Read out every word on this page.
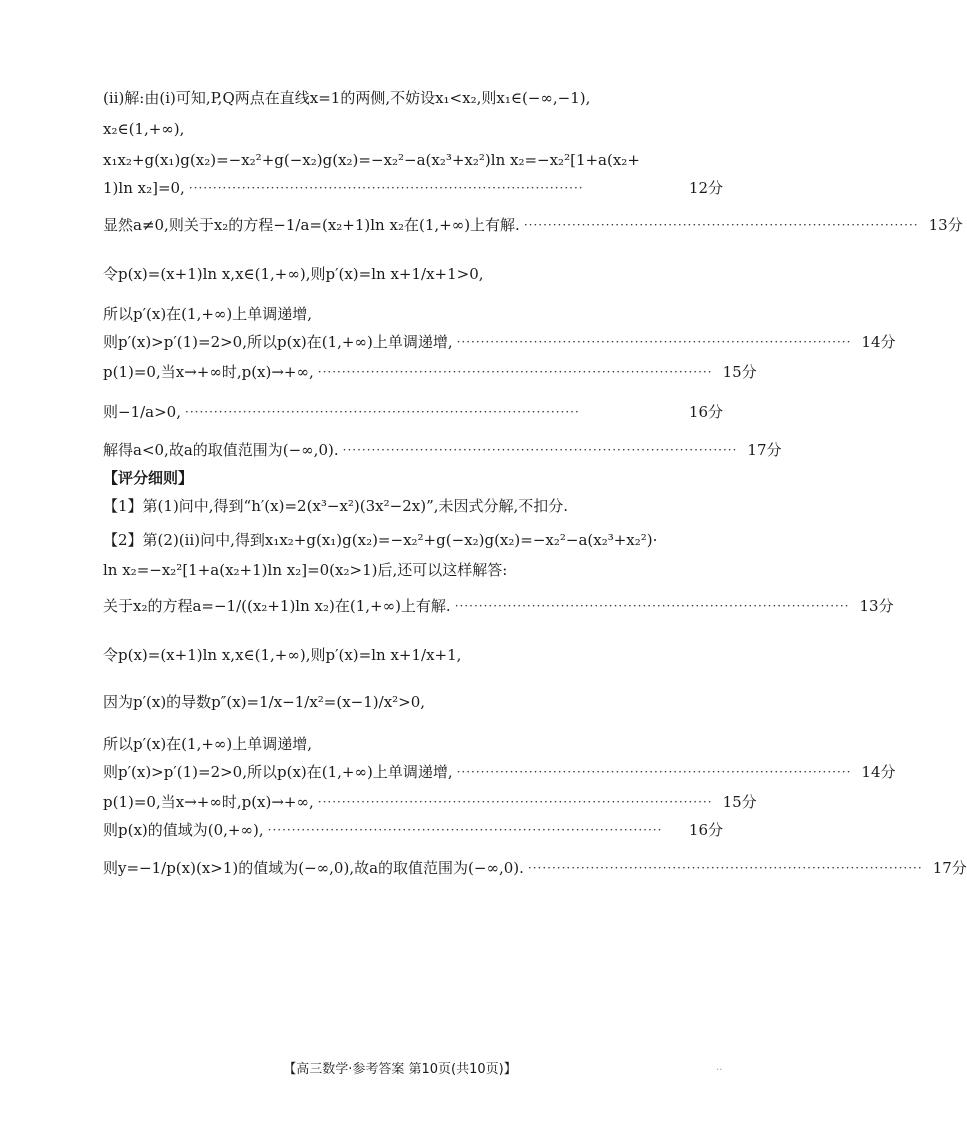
(ⅱ)解:由(ⅰ)可知,P,Q两点在直线x=1的两侧,不妨设x₁<x₂,则x₁∈(−∞,−1),
x₂∈(1,+∞),
x₁x₂+g(x₁)g(x₂)=−x₂²+g(−x₂)g(x₂)=−x₂²−a(x₂³+x₂²)ln x₂=−x₂²[1+a(x₂+
1)ln x₂]=0, ··················································································	12分
显然a≠0,则关于x₂的方程−1/a=(x₂+1)ln x₂在(1,+∞)上有解. ·················································································· 13分
令p(x)=(x+1)ln x,x∈(1,+∞),则p′(x)=ln x+1/x+1>0,
所以p′(x)在(1,+∞)上单调递增,
则p′(x)>p′(1)=2>0,所以p(x)在(1,+∞)上单调递增, ·················································································· 14分
p(1)=0,当x→+∞时,p(x)→+∞, ·················································································· 15分
则−1/a>0, ··················································································	16分
解得a<0,故a的取值范围为(−∞,0). ·················································································· 17分
【评分细则】
【1】第(1)问中,得到“h′(x)=2(x³−x²)(3x²−2x)”,未因式分解,不扣分.
【2】第(2)(ⅱ)问中,得到x₁x₂+g(x₁)g(x₂)=−x₂²+g(−x₂)g(x₂)=−x₂²−a(x₂³+x₂²)·
ln x₂=−x₂²[1+a(x₂+1)ln x₂]=0(x₂>1)后,还可以这样解答:
关于x₂的方程a=−1/((x₂+1)ln x₂)在(1,+∞)上有解. ·················································································· 13分
令p(x)=(x+1)ln x,x∈(1,+∞),则p′(x)=ln x+1/x+1,
因为p′(x)的导数p″(x)=1/x−1/x²=(x−1)/x²>0,
所以p′(x)在(1,+∞)上单调递增,
则p′(x)>p′(1)=2>0,所以p(x)在(1,+∞)上单调递增, ·················································································· 14分
p(1)=0,当x→+∞时,p(x)→+∞, ·················································································· 15分
则p(x)的值域为(0,+∞), ··················································································	16分
则y=−1/p(x)(x>1)的值域为(−∞,0),故a的取值范围为(−∞,0). ·················································································· 17分
【高三数学·参考答案 第10页(共10页)】	..
